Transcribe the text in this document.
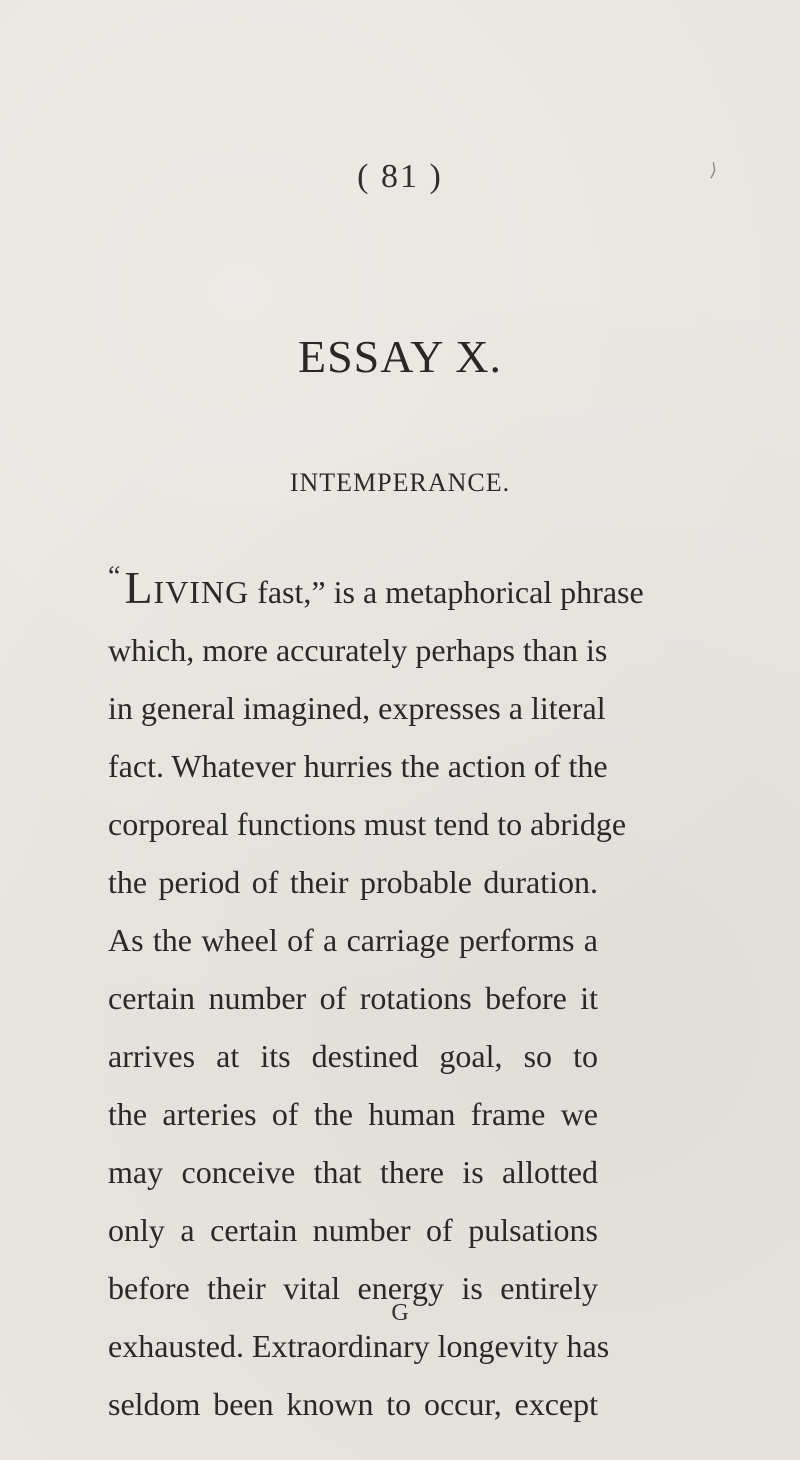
⟩
( 81 )
ESSAY X.
INTEMPERANCE.
“Living fast,” is a metaphorical phrase
which, more accurately perhaps than is
in general imagined, expresses a literal
fact. Whatever hurries the action of the
corporeal functions must tend to abridge
the period of their probable duration.
As the wheel of a carriage performs a
certain number of rotations before it
arrives at its destined goal, so to
the arteries of the human frame we
may conceive that there is allotted
only a certain number of pulsations
before their vital energy is entirely
exhausted. Extraordinary longevity has
seldom been known to occur, except
G
